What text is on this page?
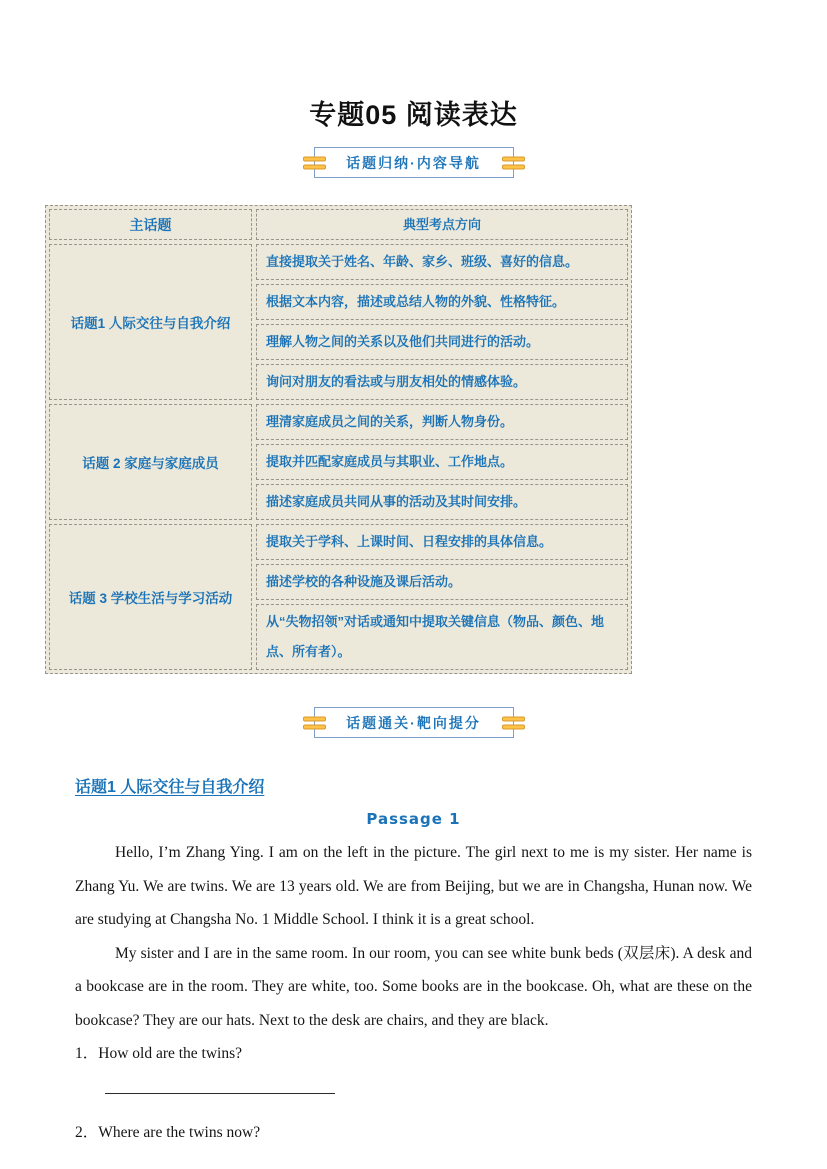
专题05 阅读表达
话题归纳·内容导航
主话题	典型考点方向
话题1 人际交往与自我介绍
直接提取关于姓名、年龄、家乡、班级、喜好的信息。
根据文本内容，描述或总结人物的外貌、性格特征。
理解人物之间的关系以及他们共同进行的活动。
询问对朋友的看法或与朋友相处的情感体验。
话题 2 家庭与家庭成员
理清家庭成员之间的关系，判断人物身份。
提取并匹配家庭成员与其职业、工作地点。
描述家庭成员共同从事的活动及其时间安排。
话题 3 学校生活与学习活动
提取关于学科、上课时间、日程安排的具体信息。
描述学校的各种设施及课后活动。
从“失物招领”对话或通知中提取关键信息（物品、颜色、地点、所有者）。
话题通关·靶向提分
话题1 人际交往与自我介绍
Passage 1

Hello, I’m Zhang Ying. I am on the left in the picture. The girl next to me is my sister. Her name is Zhang Yu. We are twins. We are 13 years old. We are from Beijing, but we are in Changsha, Hunan now. We are studying at Changsha No. 1 Middle School. I think it is a great school.

My sister and I are in the same room. In our room, you can see white bunk beds (双层床). A desk and a bookcase are in the room. They are white, too. Some books are in the bookcase. Oh, what are these on the bookcase? They are our hats. Next to the desk are chairs, and they are black.

1．How old are the twins?
2．Where are the twins now?
